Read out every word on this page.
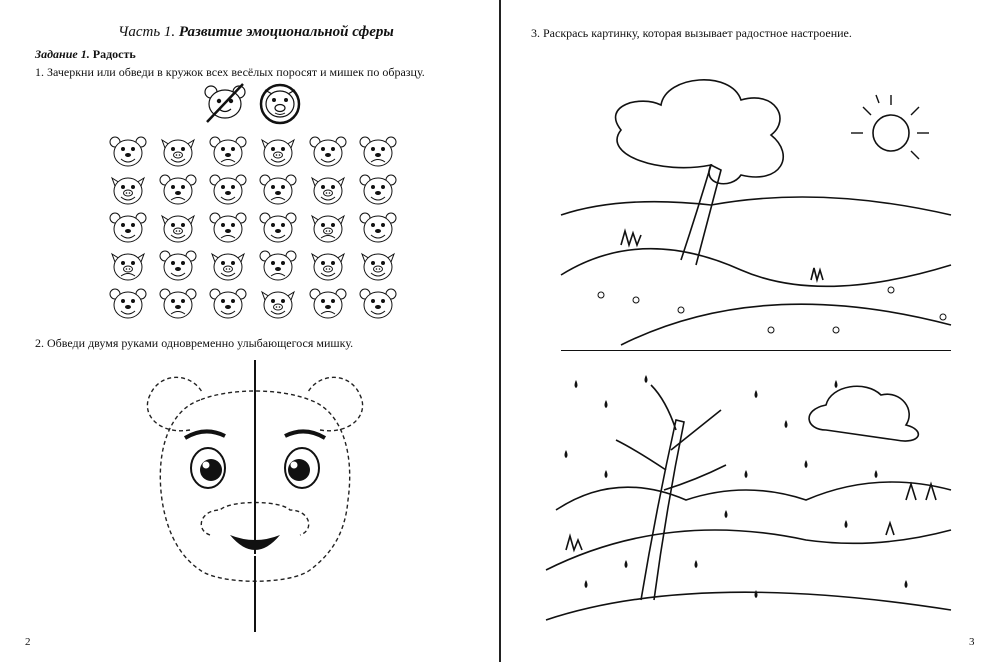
Часть 1. Развитие эмоциональной сферы
Задание 1. Радость
1. Зачеркни или обведи в кружок всех весёлых поросят и мишек по образцу.
2. Обведи двумя руками одновременно улыбающегося мишку.
2
3. Раскрась картинку, которая вызывает радостное настроение.
3
